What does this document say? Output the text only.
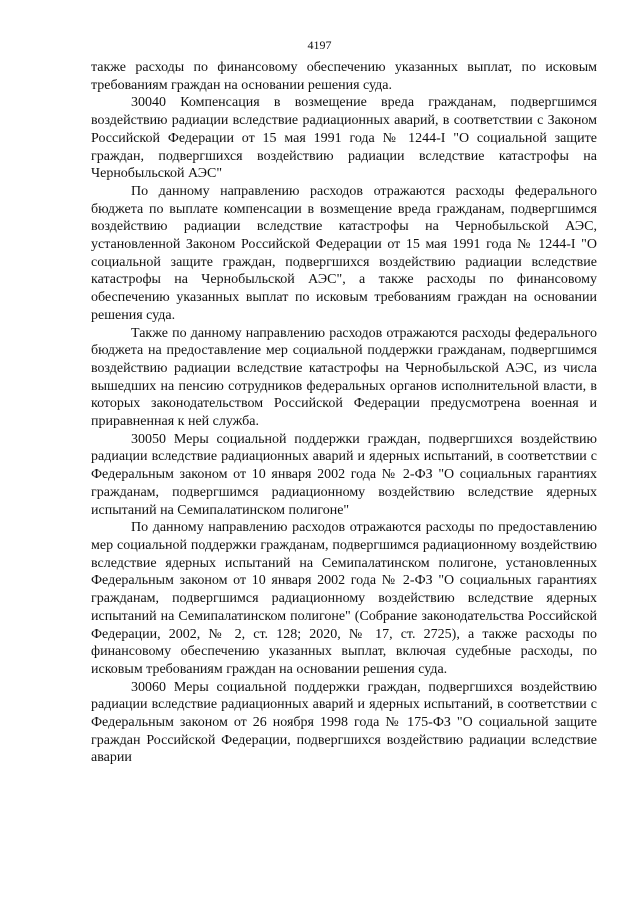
4197

также расходы по финансовому обеспечению указанных выплат, по исковым требованиям граждан на основании решения суда.

30040 Компенсация в возмещение вреда гражданам, подвергшимся воздействию радиации вследствие радиационных аварий, в соответствии с Законом Российской Федерации от 15 мая 1991 года № 1244-I "О социальной защите граждан, подвергшихся воздействию радиации вследствие катастрофы на Чернобыльской АЭС"

По данному направлению расходов отражаются расходы федерального бюджета по выплате компенсации в возмещение вреда гражданам, подвергшимся воздействию радиации вследствие катастрофы на Чернобыльской АЭС, установленной Законом Российской Федерации от 15 мая 1991 года № 1244-I "О социальной защите граждан, подвергшихся воздействию радиации вследствие катастрофы на Чернобыльской АЭС", а также расходы по финансовому обеспечению указанных выплат по исковым требованиям граждан на основании решения суда.

Также по данному направлению расходов отражаются расходы федерального бюджета на предоставление мер социальной поддержки гражданам, подвергшимся воздействию радиации вследствие катастрофы на Чернобыльской АЭС, из числа вышедших на пенсию сотрудников федеральных органов исполнительной власти, в которых законодательством Российской Федерации предусмотрена военная и приравненная к ней служба.

30050 Меры социальной поддержки граждан, подвергшихся воздействию радиации вследствие радиационных аварий и ядерных испытаний, в соответствии с Федеральным законом от 10 января 2002 года № 2-ФЗ "О социальных гарантиях гражданам, подвергшимся радиационному воздействию вследствие ядерных испытаний на Семипалатинском полигоне"

По данному направлению расходов отражаются расходы по предоставлению мер социальной поддержки гражданам, подвергшимся радиационному воздействию вследствие ядерных испытаний на Семипалатинском полигоне, установленных Федеральным законом от 10 января 2002 года № 2-ФЗ "О социальных гарантиях гражданам, подвергшимся радиационному воздействию вследствие ядерных испытаний на Семипалатинском полигоне" (Собрание законодательства Российской Федерации, 2002, № 2, ст. 128; 2020, № 17, ст. 2725), а также расходы по финансовому обеспечению указанных выплат, включая судебные расходы, по исковым требованиям граждан на основании решения суда.

30060 Меры социальной поддержки граждан, подвергшихся воздействию радиации вследствие радиационных аварий и ядерных испытаний, в соответствии с Федеральным законом от 26 ноября 1998 года № 175-ФЗ "О социальной защите граждан Российской Федерации, подвергшихся воздействию радиации вследствие аварии
